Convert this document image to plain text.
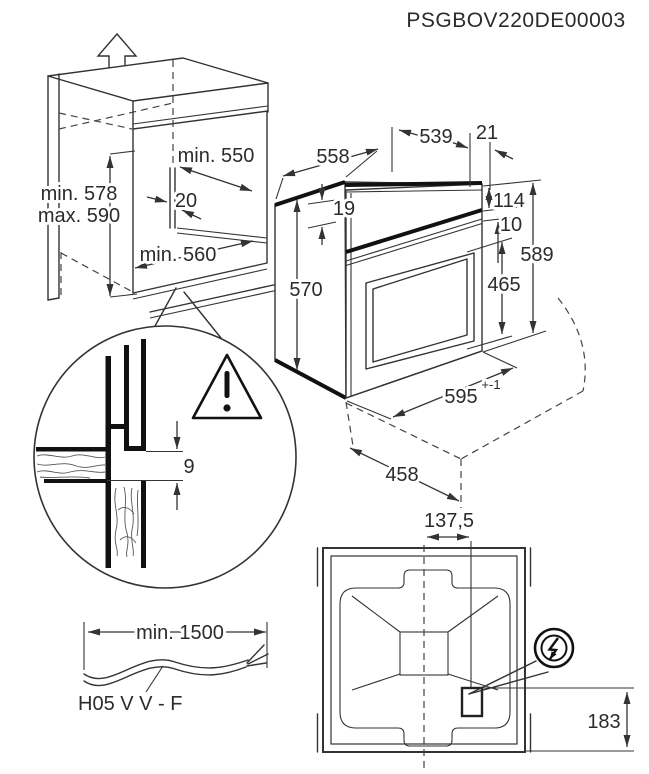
PSGBOV220DE00003
min. 578
max. 590
min. 550
20
min. 560
558
539 21
19	114
10
589
570	465
595
+-1
458
9
min. 1500
H05 V V - F
137,5
183
